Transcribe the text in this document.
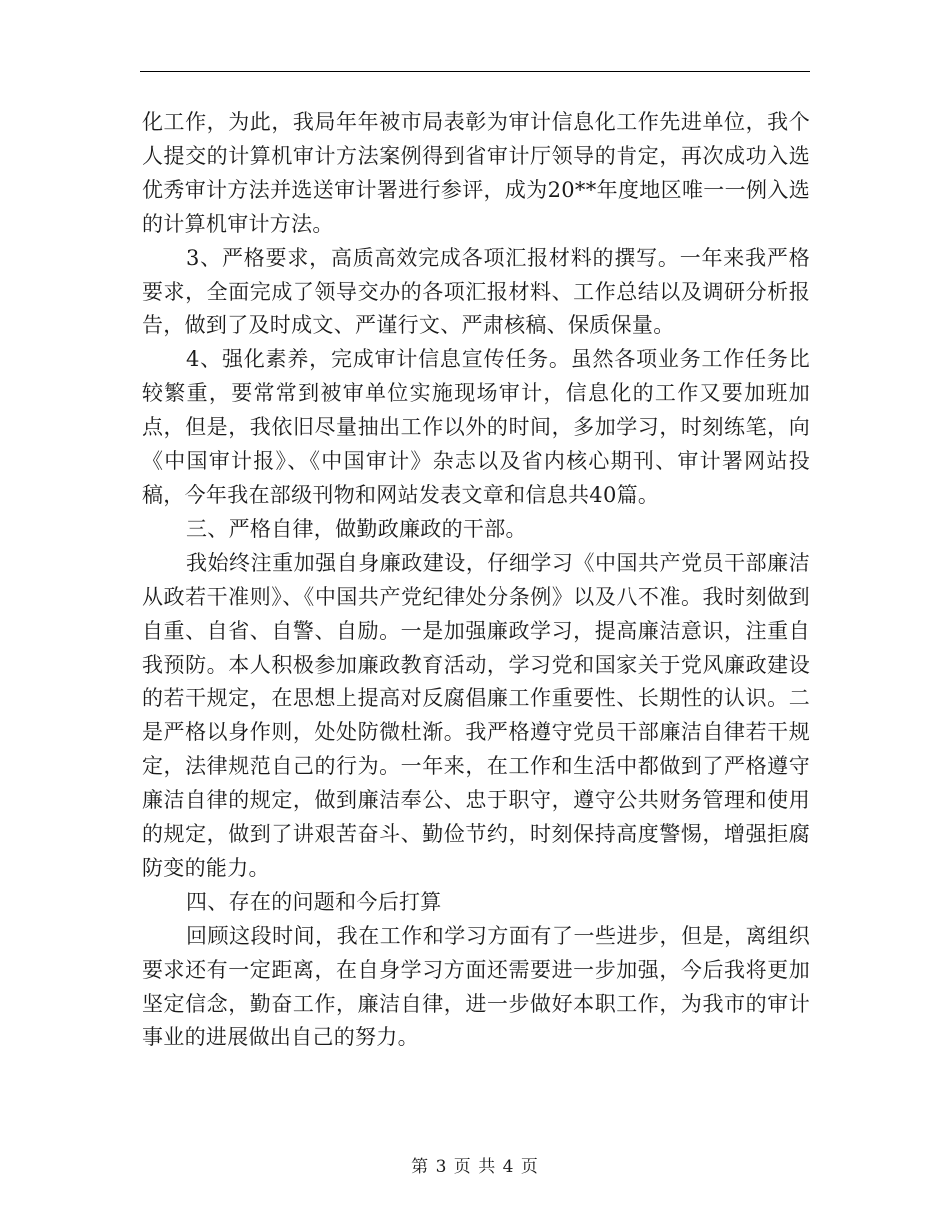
化工作，为此，我局年年被市局表彰为审计信息化工作先进单位，我个人提交的计算机审计方法案例得到省审计厅领导的肯定，再次成功入选优秀审计方法并选送审计署进行参评，成为20**年度地区唯一一例入选的计算机审计方法。

3、严格要求，高质高效完成各项汇报材料的撰写。一年来我严格要求，全面完成了领导交办的各项汇报材料、工作总结以及调研分析报告，做到了及时成文、严谨行文、严肃核稿、保质保量。

4、强化素养，完成审计信息宣传任务。虽然各项业务工作任务比较繁重，要常常到被审单位实施现场审计，信息化的工作又要加班加点，但是，我依旧尽量抽出工作以外的时间，多加学习，时刻练笔，向《中国审计报》、《中国审计》杂志以及省内核心期刊、审计署网站投稿，今年我在部级刊物和网站发表文章和信息共40篇。

三、严格自律，做勤政廉政的干部。

我始终注重加强自身廉政建设，仔细学习《中国共产党员干部廉洁从政若干准则》、《中国共产党纪律处分条例》以及八不准。我时刻做到自重、自省、自警、自励。一是加强廉政学习，提高廉洁意识，注重自我预防。本人积极参加廉政教育活动，学习党和国家关于党风廉政建设的若干规定，在思想上提高对反腐倡廉工作重要性、长期性的认识。二是严格以身作则，处处防微杜渐。我严格遵守党员干部廉洁自律若干规定，法律规范自己的行为。一年来，在工作和生活中都做到了严格遵守廉洁自律的规定，做到廉洁奉公、忠于职守，遵守公共财务管理和使用的规定，做到了讲艰苦奋斗、勤俭节约，时刻保持高度警惕，增强拒腐防变的能力。

四、存在的问题和今后打算

回顾这段时间，我在工作和学习方面有了一些进步，但是，离组织要求还有一定距离，在自身学习方面还需要进一步加强，今后我将更加坚定信念，勤奋工作，廉洁自律，进一步做好本职工作，为我市的审计事业的进展做出自己的努力。

第 3 页 共 4 页
